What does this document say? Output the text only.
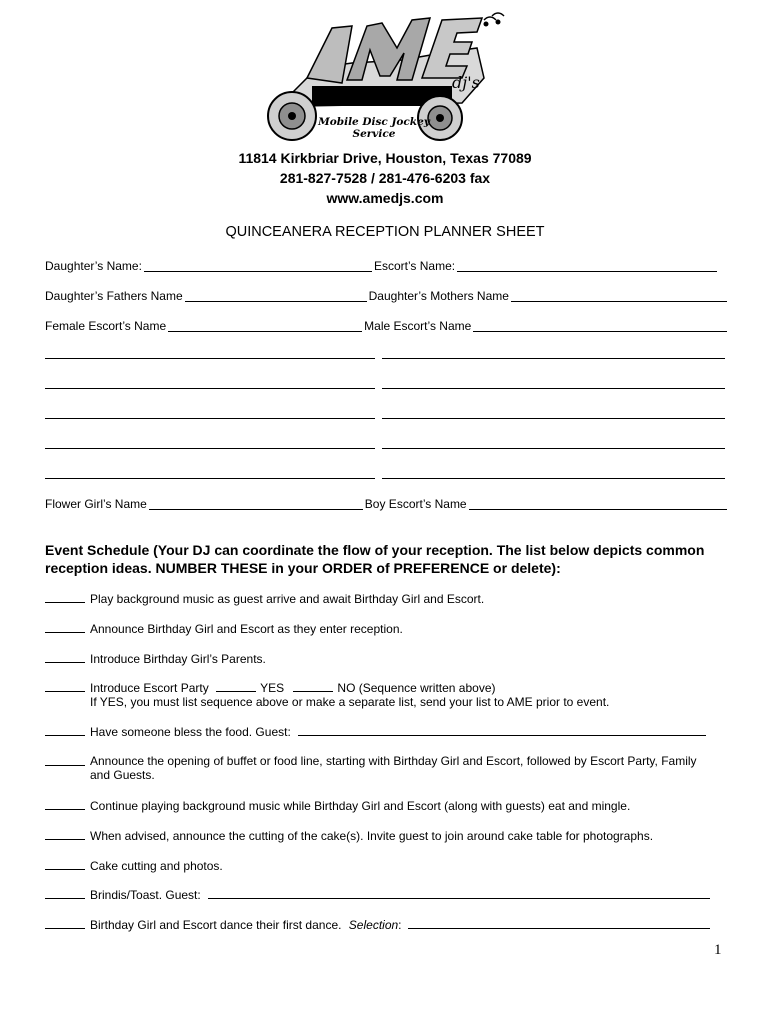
dj's
Mobile Disc Jockey Service
11814 Kirkbriar Drive, Houston, Texas 77089
281-827-7528 / 281-476-6203 fax
www.amedjs.com
QUINCEANERA RECEPTION PLANNER SHEET
Daughter’s Name:	Escort’s Name:
Daughter’s Fathers Name	Daughter’s Mothers Name
Female Escort’s Name	Male Escort’s Name
Flower Girl’s Name	Boy Escort’s Name
Event Schedule (Your DJ can coordinate the flow of your reception. The list below depicts common reception ideas. NUMBER THESE in your ORDER of PREFERENCE or delete):
Play background music as guest arrive and await Birthday Girl and Escort.
Announce Birthday Girl and Escort as they enter reception.
Introduce Birthday Girl’s Parents.
Introduce Escort Party	YES	NO (Sequence written above)
If YES, you must list sequence above or make a separate list, send your list to AME prior to event.
Have someone bless the food. Guest:
Announce the opening of buffet or food line, starting with Birthday Girl and Escort, followed by Escort Party, Family and Guests.
Continue playing background music while Birthday Girl and Escort (along with guests) eat and mingle.
When advised, announce the cutting of the cake(s). Invite guest to join around cake table for photographs.
Cake cutting and photos.
Brindis/Toast. Guest:
Birthday Girl and Escort dance their first dance. Selection:
1
